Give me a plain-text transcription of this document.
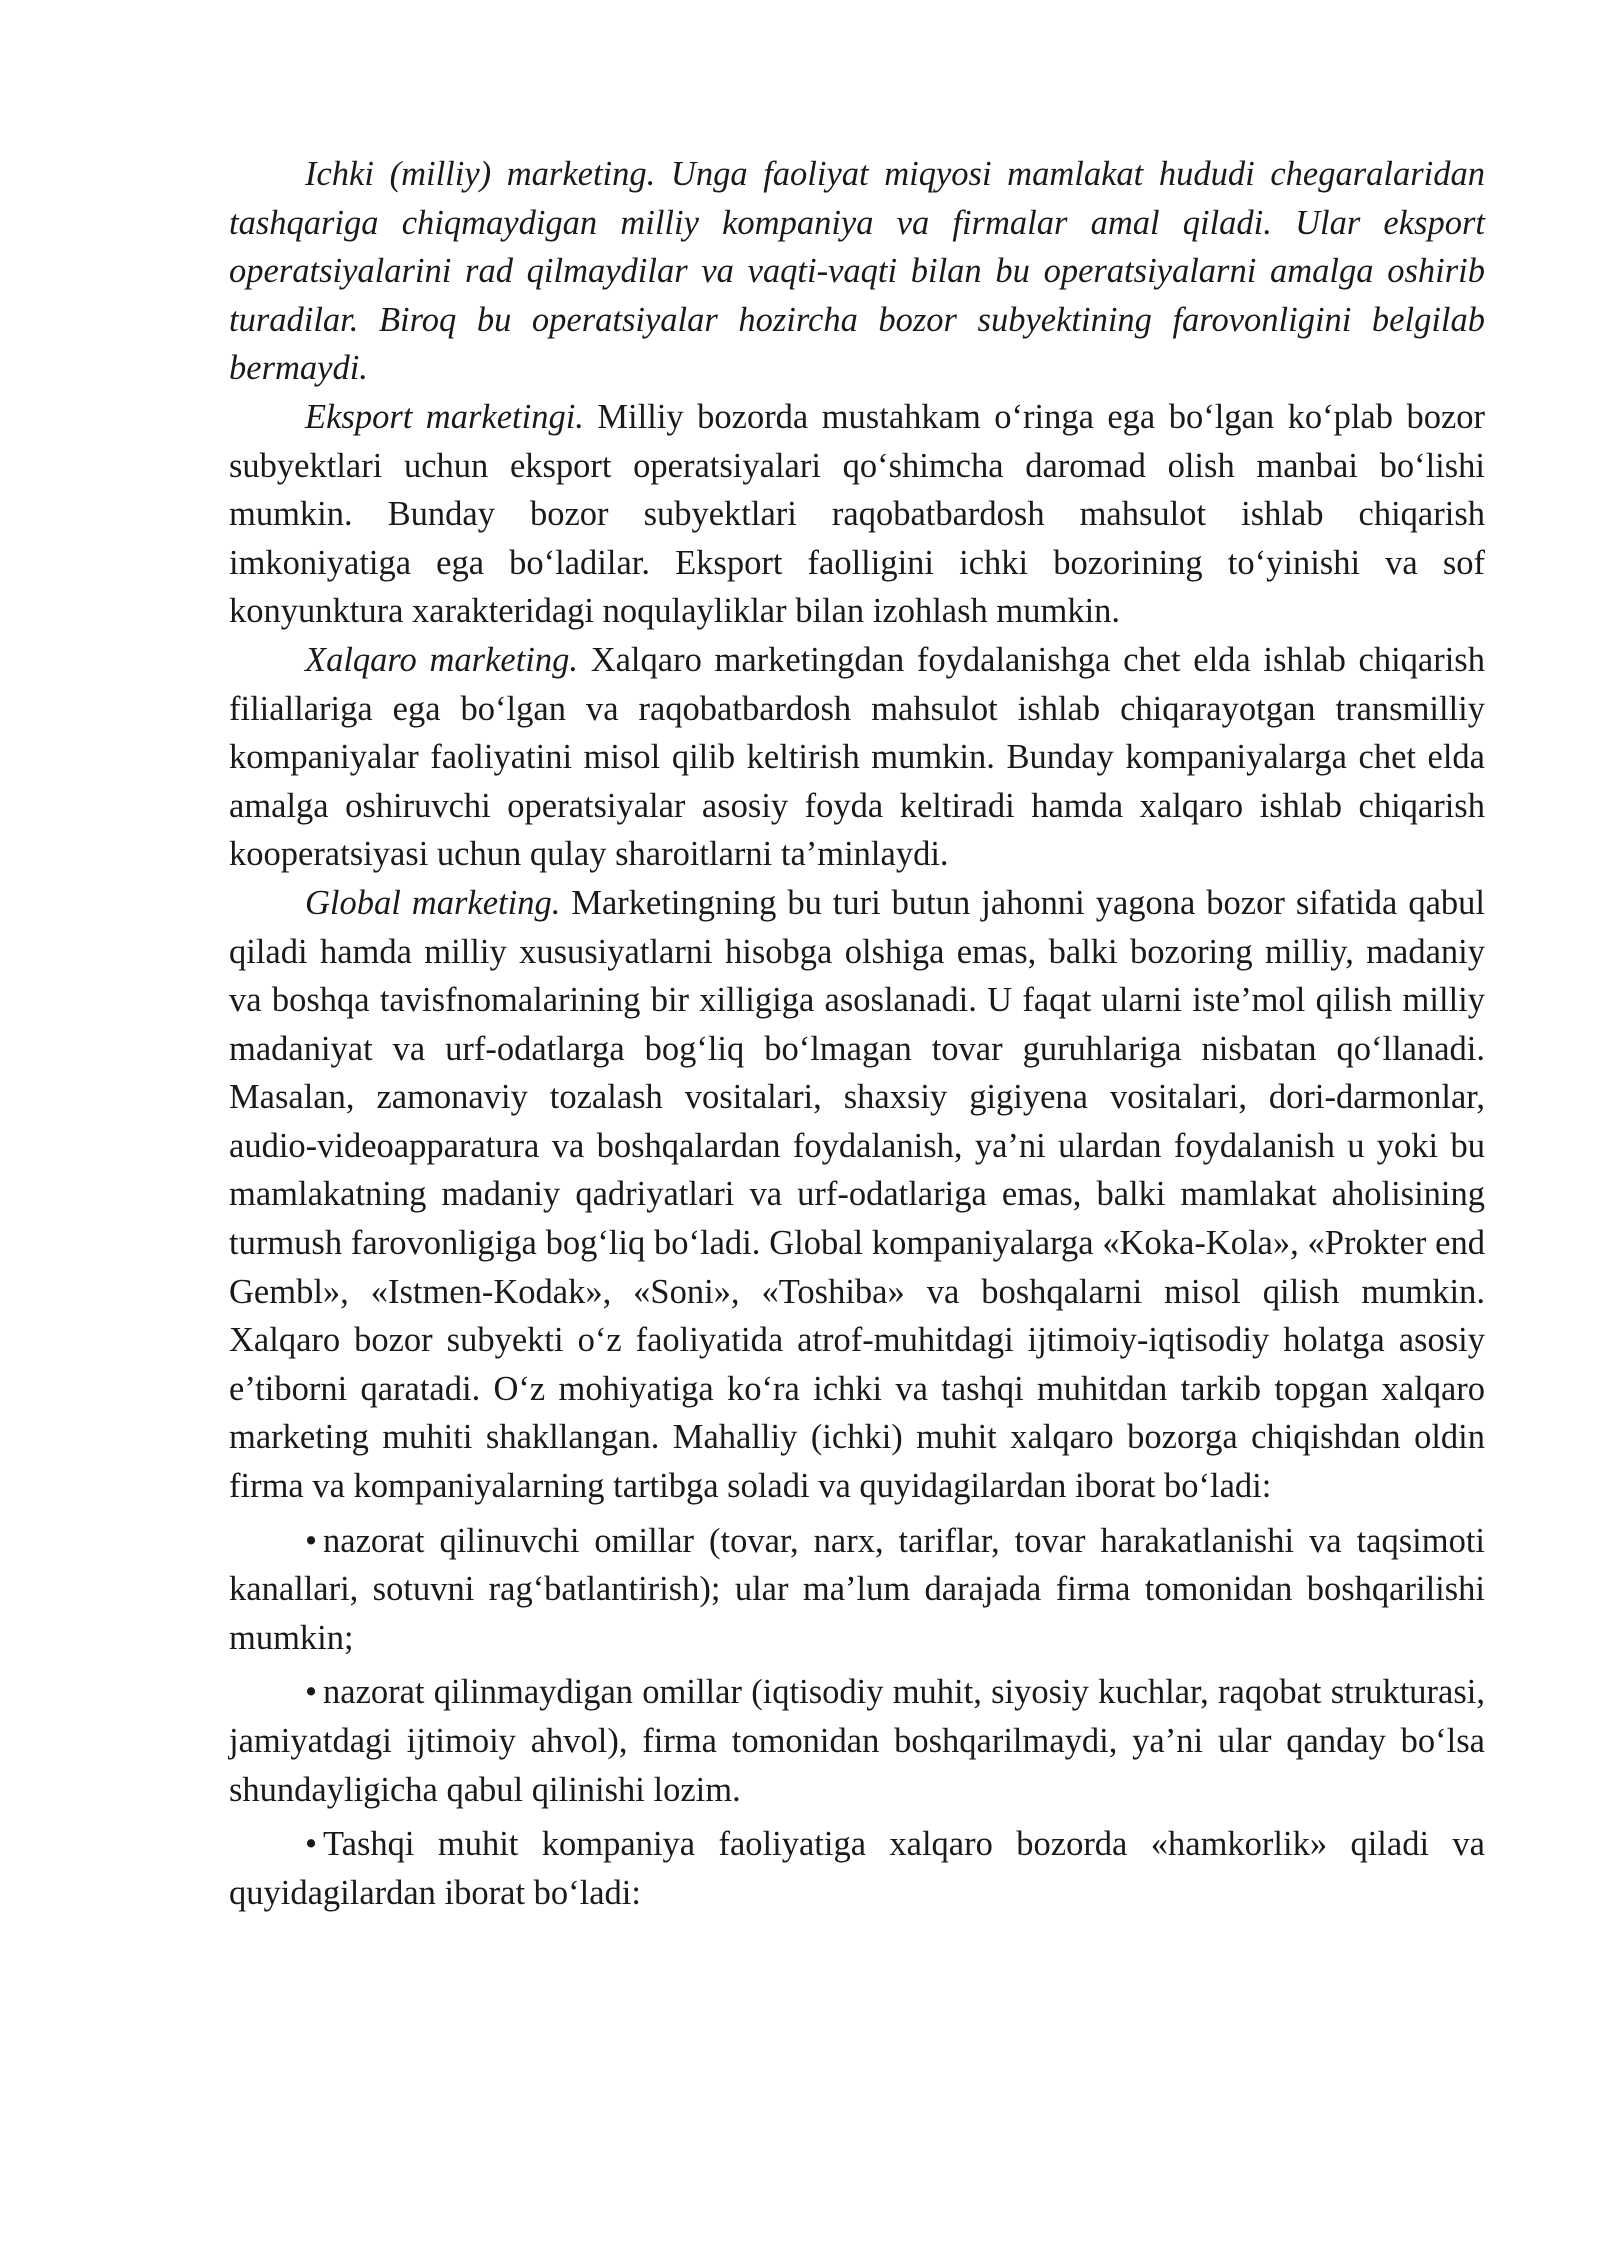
Ichki (milliy) marketing. Unga faoliyat miqyosi mamlakat hududi chegaralaridan tashqariga chiqmaydigan milliy kompaniya va firmalar amal qiladi. Ular eksport operatsiyalarini rad qilmaydilar va vaqti-vaqti bilan bu operatsiyalarni amalga oshirib turadilar. Biroq bu operatsiyalar hozircha bozor subyektining farovonligini belgilab bermaydi.

Eksport marketingi. Milliy bozorda mustahkam o‘ringa ega bo‘lgan ko‘plab bozor subyektlari uchun eksport operatsiyalari qo‘shimcha daromad olish manbai bo‘lishi mumkin. Bunday bozor subyektlari raqobatbardosh mahsulot ishlab chiqarish imkoniyatiga ega bo‘ladilar. Eksport faolligini ichki bozorining to‘yinishi va sof konyunktura xarakteridagi noqulayliklar bilan izohlash mumkin.

Xalqaro marketing. Xalqaro marketingdan foydalanishga chet elda ishlab chiqarish filiallariga ega bo‘lgan va raqobatbardosh mahsulot ishlab chiqarayotgan transmilliy kompaniyalar faoliyatini misol qilib keltirish mumkin. Bunday kompaniyalarga chet elda amalga oshiruvchi operatsiyalar asosiy foyda keltiradi hamda xalqaro ishlab chiqarish kooperatsiyasi uchun qulay sharoitlarni ta’minlaydi.

Global marketing. Marketingning bu turi butun jahonni yagona bozor sifatida qabul qiladi hamda milliy xususiyatlarni hisobga olshiga emas, balki bozoring milliy, madaniy va boshqa tavisfnomalarining bir xilligiga asoslanadi. U faqat ularni iste’mol qilish milliy madaniyat va urf-odatlarga bog‘liq bo‘lmagan tovar guruhlariga nisbatan qo‘llanadi. Masalan, zamonaviy tozalash vositalari, shaxsiy gigiyena vositalari, dori-darmonlar, audio-videoapparatura va boshqalardan foydalanish, ya’ni ulardan foydalanish u yoki bu mamlakatning madaniy qadriyatlari va urf-odatlariga emas, balki mamlakat aholisining turmush farovonligiga bog‘liq bo‘ladi. Global kompaniyalarga «Koka-Kola», «Prokter end Gembl», «Istmen-Kodak», «Soni», «Toshiba» va boshqalarni misol qilish mumkin. Xalqaro bozor subyekti o‘z faoliyatida atrof-muhitdagi ijtimoiy-iqtisodiy holatga asosiy e’tiborni qaratadi. O‘z mohiyatiga ko‘ra ichki va tashqi muhitdan tarkib topgan xalqaro marketing muhiti shakllangan. Mahalliy (ichki) muhit xalqaro bozorga chiqishdan oldin firma va kompaniyalarning tartibga soladi va quyidagilardan iborat bo‘ladi:

• nazorat qilinuvchi omillar (tovar, narx, tariflar, tovar harakatlanishi va taqsimoti kanallari, sotuvni rag‘batlantirish); ular ma’lum darajada firma tomonidan boshqarilishi mumkin;

• nazorat qilinmaydigan omillar (iqtisodiy muhit, siyosiy kuchlar, raqobat strukturasi, jamiyatdagi ijtimoiy ahvol), firma tomonidan boshqarilmaydi, ya’ni ular qanday bo‘lsa shundayligicha qabul qilinishi lozim.

• Tashqi muhit kompaniya faoliyatiga xalqaro bozorda «hamkorlik» qiladi va quyidagilardan iborat bo‘ladi:
